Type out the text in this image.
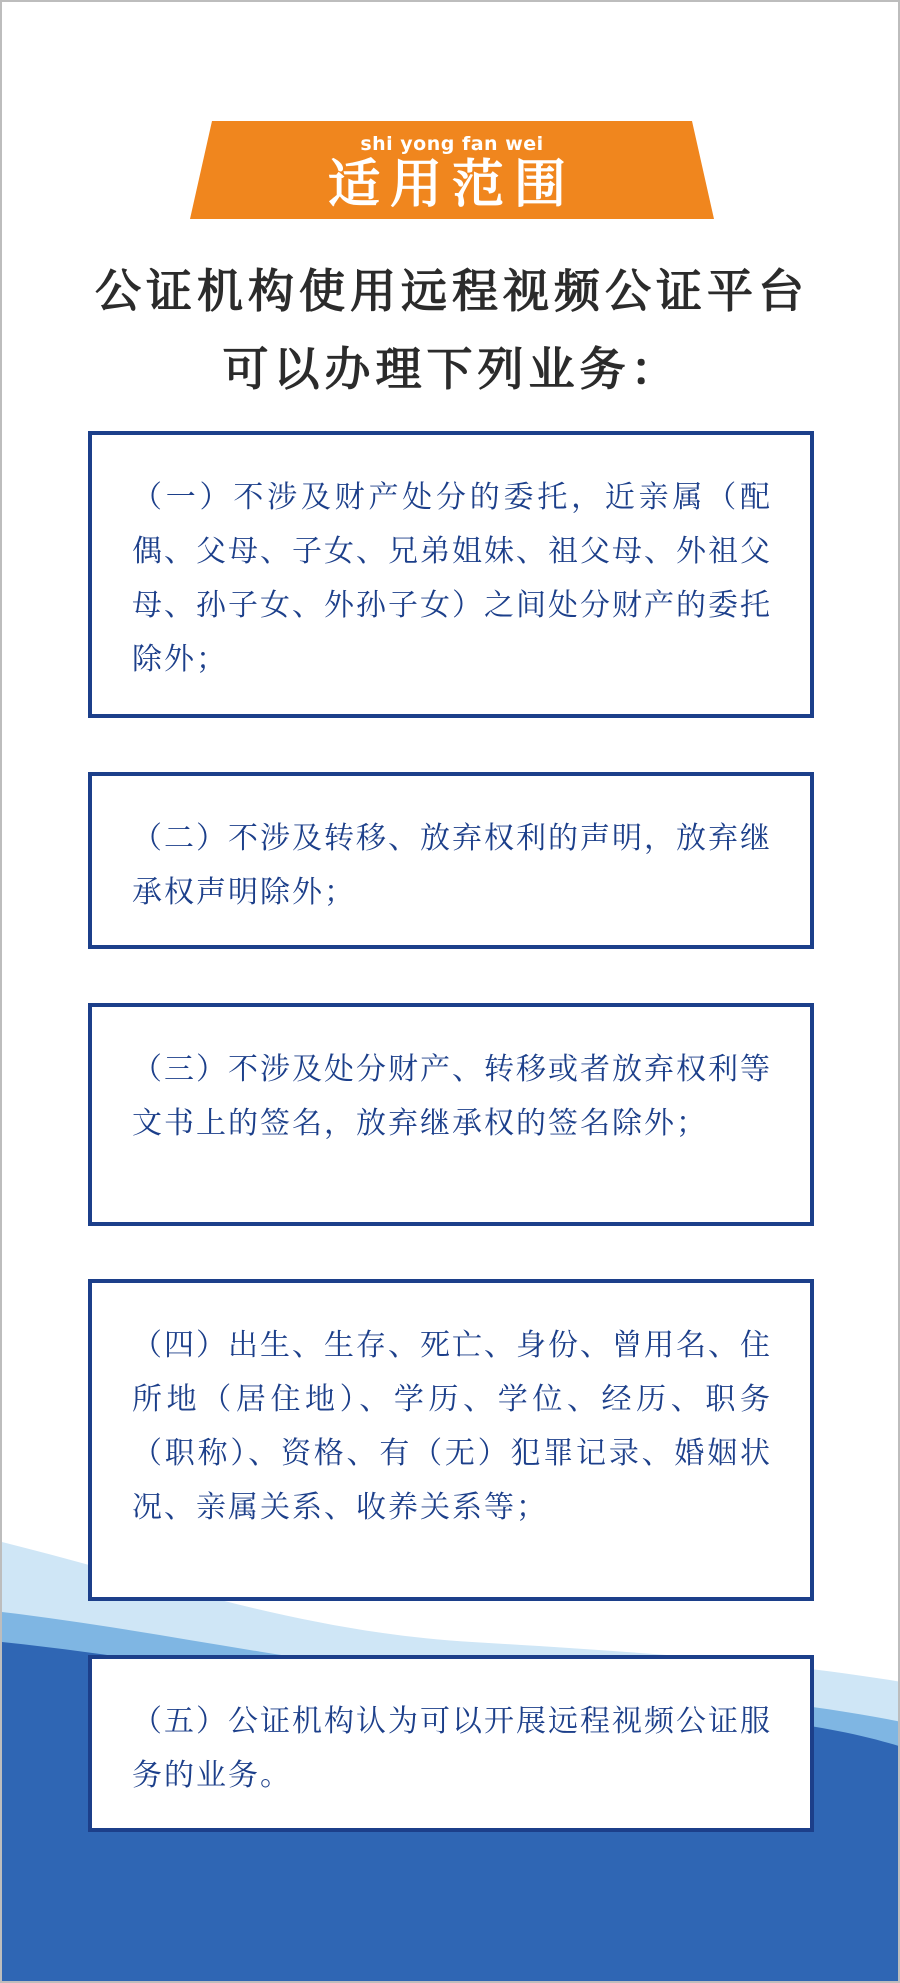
shi yong fan wei
适用范围
公证机构使用远程视频公证平台
可以办理下列业务：

（一）不涉及财产处分的委托，近亲属（配偶、父母、子女、兄弟姐妹、祖父母、外祖父母、孙子女、外孙子女）之间处分财产的委托除外；

（二）不涉及转移、放弃权利的声明，放弃继承权声明除外；

（三）不涉及处分财产、转移或者放弃权利等文书上的签名，放弃继承权的签名除外；

（四）出生、生存、死亡、身份、曾用名、住所地（居住地）、学历、学位、经历、职务（职称）、资格、有（无）犯罪记录、婚姻状况、亲属关系、收养关系等；

（五）公证机构认为可以开展远程视频公证服务的业务。
